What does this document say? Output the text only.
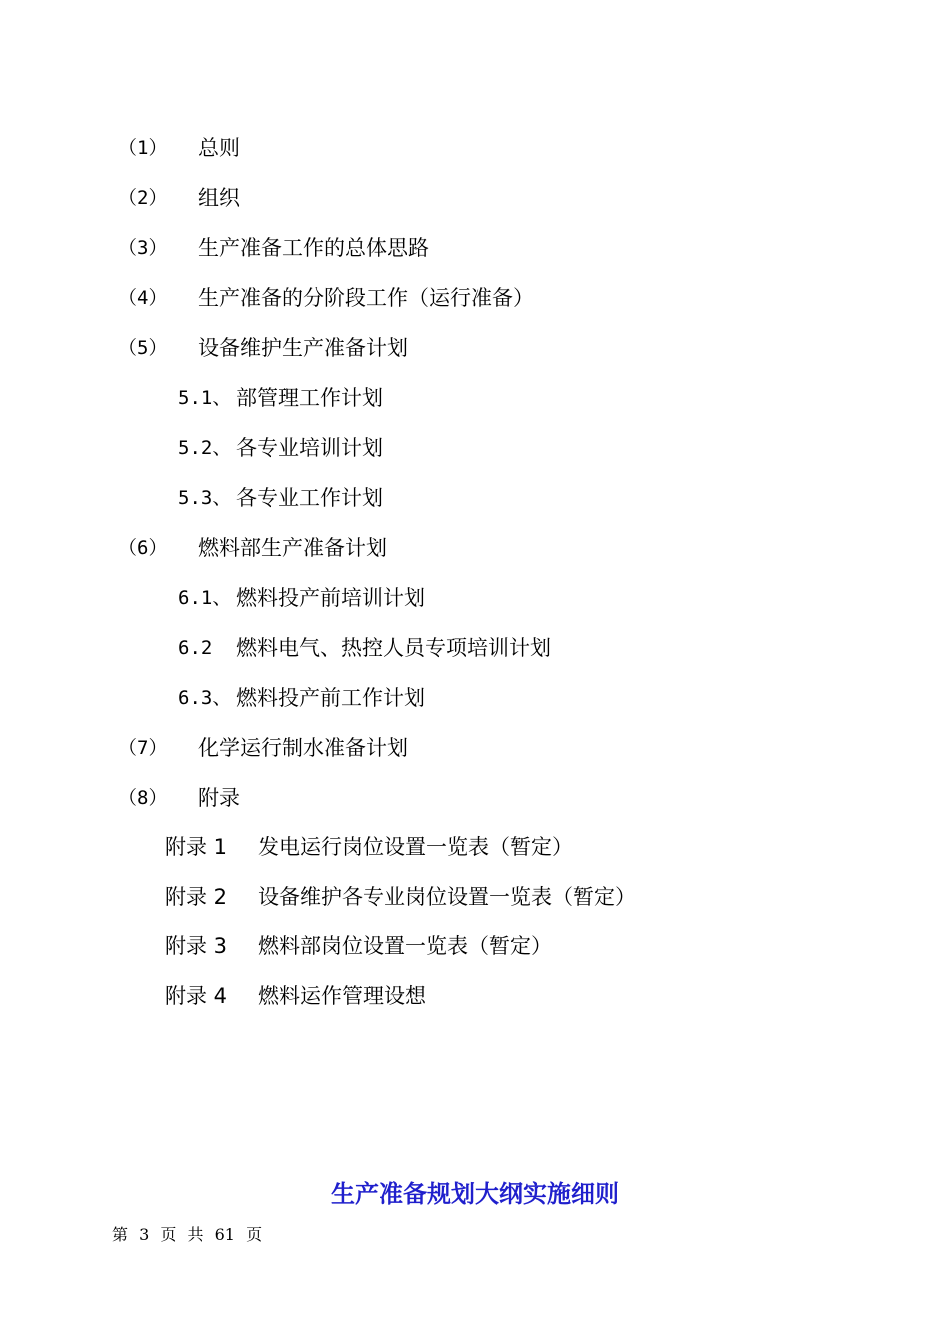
（1） 总则
（2） 组织
（3） 生产准备工作的总体思路
（4） 生产准备的分阶段工作（运行准备）
（5） 设备维护生产准备计划
5.1、 部管理工作计划
5.2、 各专业培训计划
5.3、 各专业工作计划
（6） 燃料部生产准备计划
6.1、 燃料投产前培训计划
6.2 燃料电气、热控人员专项培训计划
6.3、 燃料投产前工作计划
（7） 化学运行制水准备计划
（8） 附录
附录 1 发电运行岗位设置一览表（暂定）
附录 2 设备维护各专业岗位设置一览表（暂定）
附录 3 燃料部岗位设置一览表（暂定）
附录 4 燃料运作管理设想
生产准备规划大纲实施细则
第 3 页 共 61 页
